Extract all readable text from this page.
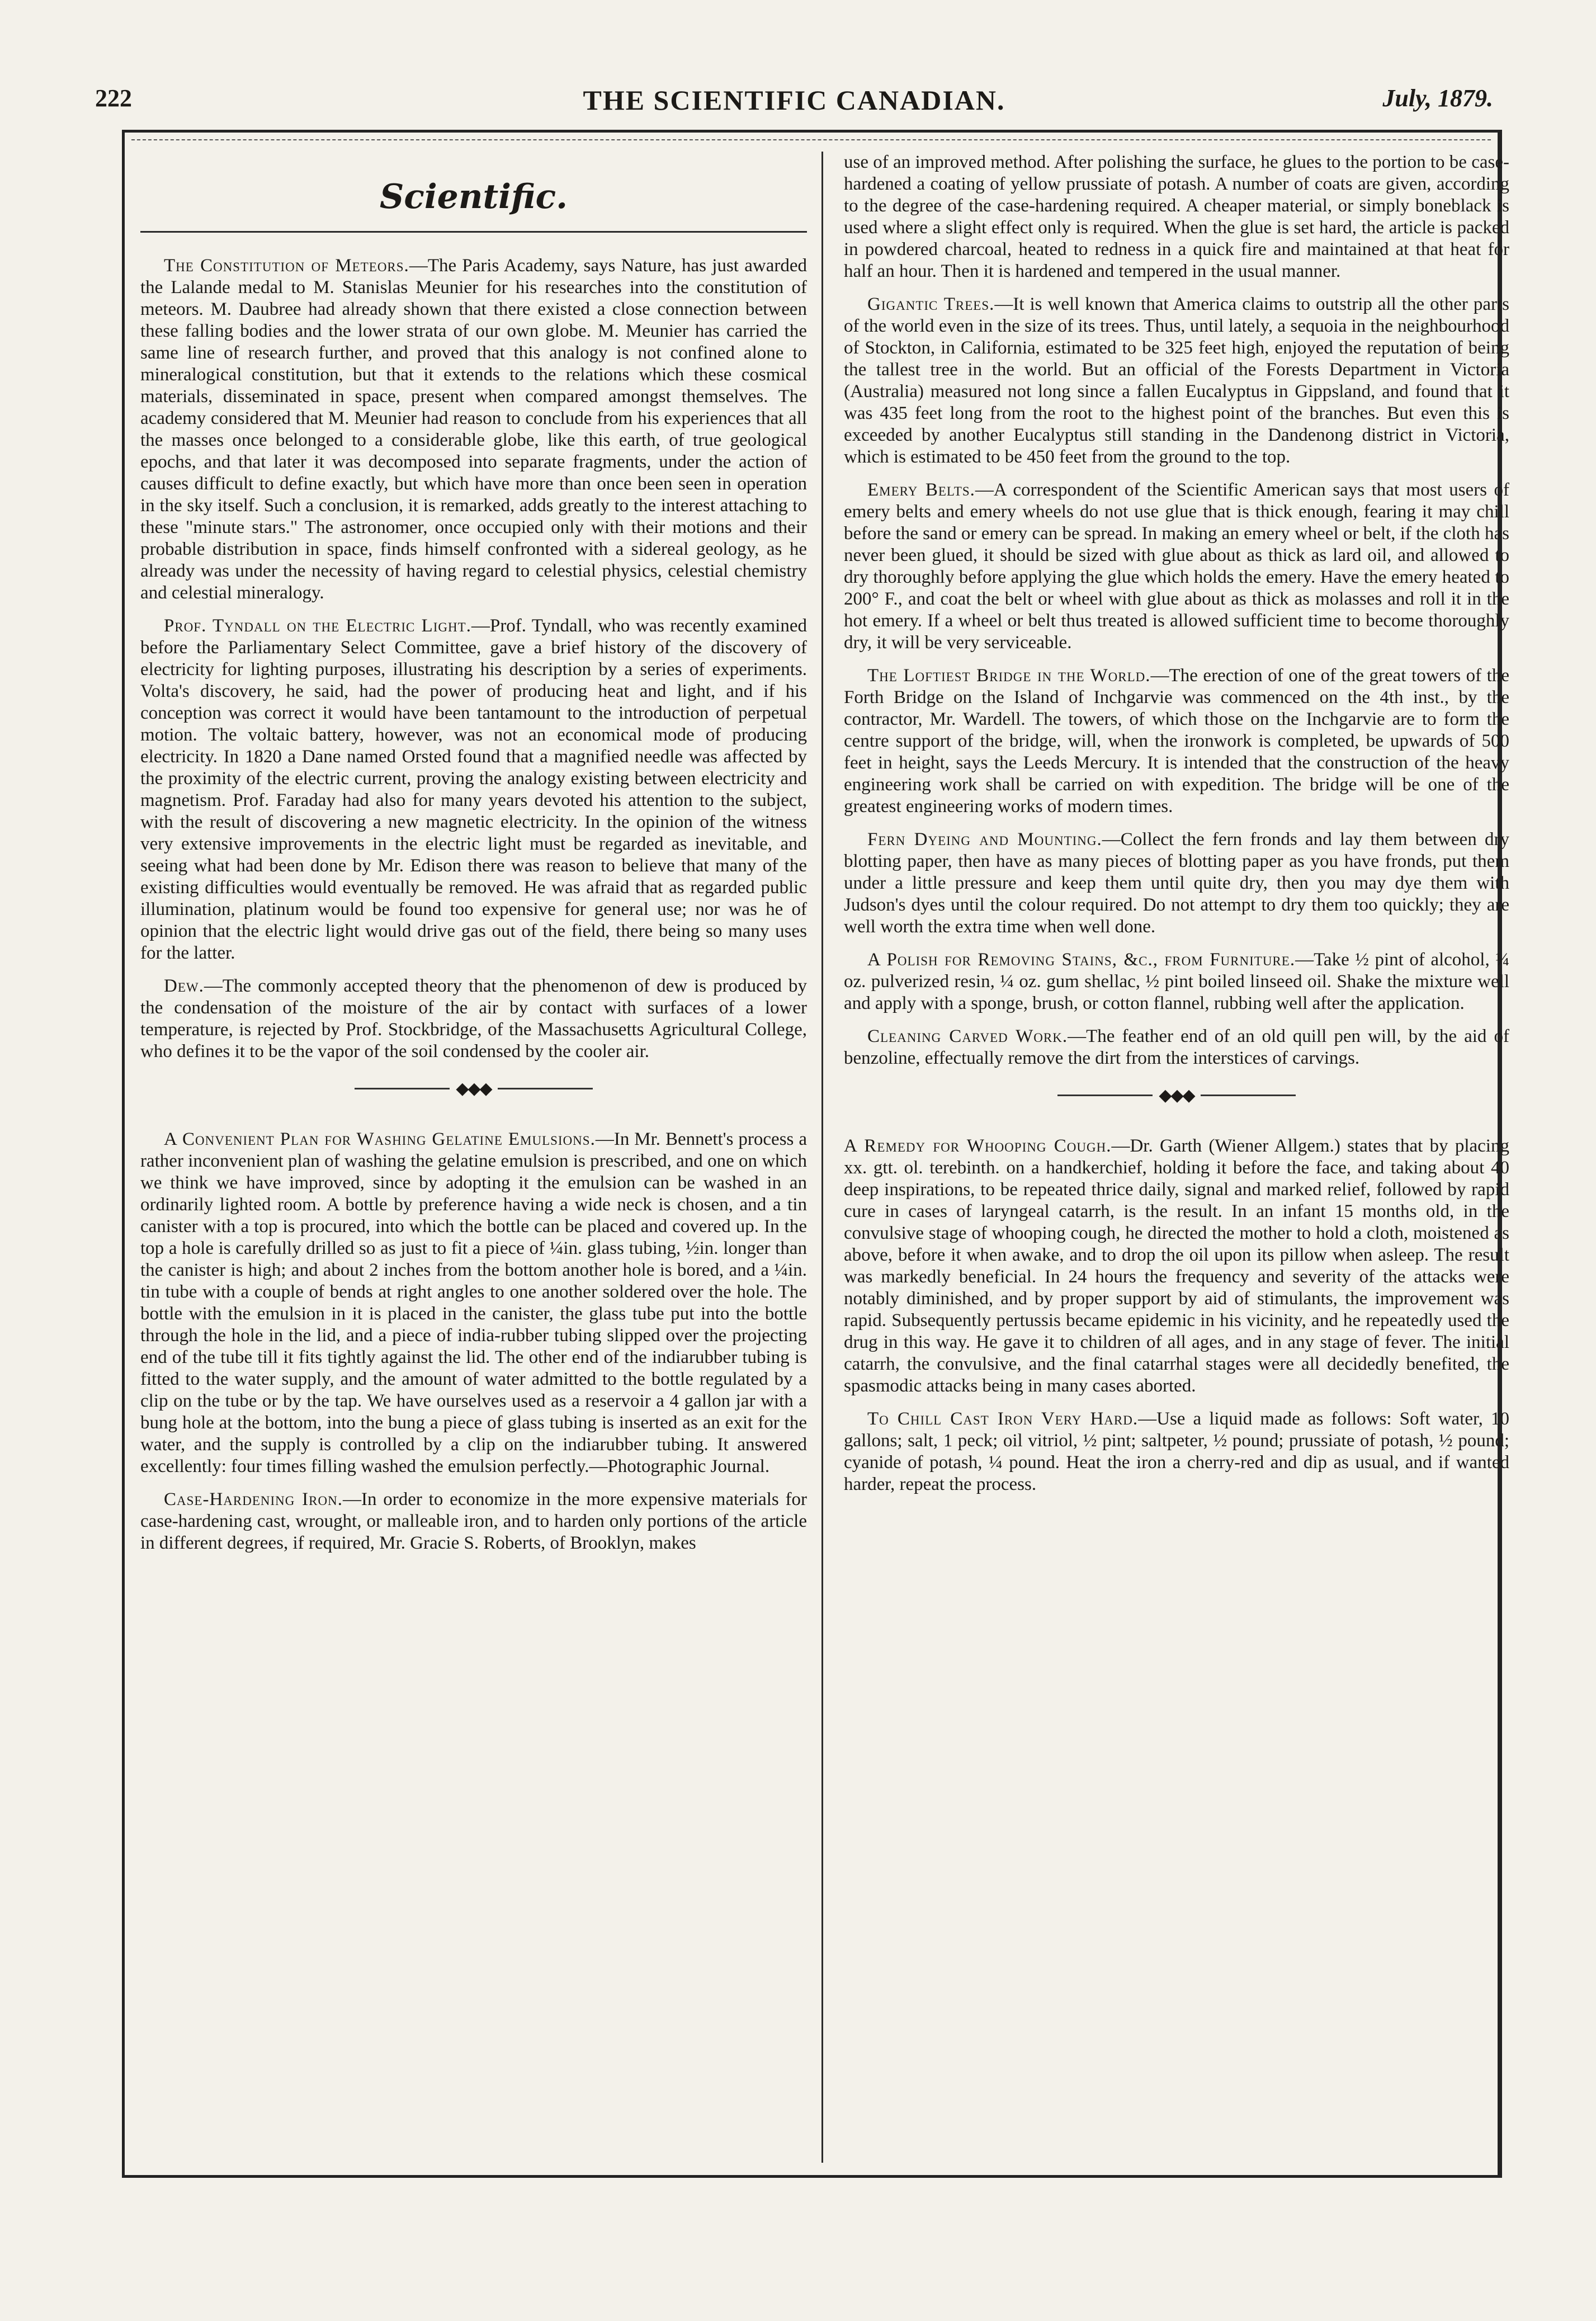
222	THE SCIENTIFIC CANADIAN.	July, 1879.
Scientific.

The Constitution of Meteors.—The Paris Academy, says Nature, has just awarded the Lalande medal to M. Stanislas Meunier for his researches into the constitution of meteors. M. Daubree had already shown that there existed a close connection between these falling bodies and the lower strata of our own globe. M. Meunier has carried the same line of research further, and proved that this analogy is not confined alone to mineralogical constitution, but that it extends to the relations which these cosmical materials, disseminated in space, present when compared amongst themselves. The academy considered that M. Meunier had reason to conclude from his experiences that all the masses once belonged to a considerable globe, like this earth, of true geological epochs, and that later it was decomposed into separate fragments, under the action of causes difficult to define exactly, but which have more than once been seen in operation in the sky itself. Such a conclusion, it is remarked, adds greatly to the interest attaching to these "minute stars." The astronomer, once occupied only with their motions and their probable distribution in space, finds himself confronted with a sidereal geology, as he already was under the necessity of having regard to celestial physics, celestial chemistry and celestial mineralogy.

Prof. Tyndall on the Electric Light.—Prof. Tyndall, who was recently examined before the Parliamentary Select Committee, gave a brief history of the discovery of electricity for lighting purposes, illustrating his description by a series of experiments. Volta's discovery, he said, had the power of producing heat and light, and if his conception was correct it would have been tantamount to the introduction of perpetual motion. The voltaic battery, however, was not an economical mode of producing electricity. In 1820 a Dane named Orsted found that a magnified needle was affected by the proximity of the electric current, proving the analogy existing between electricity and magnetism. Prof. Faraday had also for many years devoted his attention to the subject, with the result of discovering a new magnetic electricity. In the opinion of the witness very extensive improvements in the electric light must be regarded as inevitable, and seeing what had been done by Mr. Edison there was reason to believe that many of the existing difficulties would eventually be removed. He was afraid that as regarded public illumination, platinum would be found too expensive for general use; nor was he of opinion that the electric light would drive gas out of the field, there being so many uses for the latter.

Dew.—The commonly accepted theory that the phenomenon of dew is produced by the condensation of the moisture of the air by contact with surfaces of a lower temperature, is rejected by Prof. Stockbridge, of the Massachusetts Agricultural College, who defines it to be the vapor of the soil condensed by the cooler air.

◆◆◆

A Convenient Plan for Washing Gelatine Emulsions.—In Mr. Bennett's process a rather inconvenient plan of washing the gelatine emulsion is prescribed, and one on which we think we have improved, since by adopting it the emulsion can be washed in an ordinarily lighted room. A bottle by preference having a wide neck is chosen, and a tin canister with a top is procured, into which the bottle can be placed and covered up. In the top a hole is carefully drilled so as just to fit a piece of ¼in. glass tubing, ½in. longer than the canister is high; and about 2 inches from the bottom another hole is bored, and a ¼in. tin tube with a couple of bends at right angles to one another soldered over the hole. The bottle with the emulsion in it is placed in the canister, the glass tube put into the bottle through the hole in the lid, and a piece of india-rubber tubing slipped over the projecting end of the tube till it fits tightly against the lid. The other end of the indiarubber tubing is fitted to the water supply, and the amount of water admitted to the bottle regulated by a clip on the tube or by the tap. We have ourselves used as a reservoir a 4 gallon jar with a bung hole at the bottom, into the bung a piece of glass tubing is inserted as an exit for the water, and the supply is controlled by a clip on the indiarubber tubing. It answered excellently: four times filling washed the emulsion perfectly.—Photographic Journal.

Case-Hardening Iron.—In order to economize in the more expensive materials for case-hardening cast, wrought, or malleable iron, and to harden only portions of the article in different degrees, if required, Mr. Gracie S. Roberts, of Brooklyn, makes

use of an improved method. After polishing the surface, he glues to the portion to be case-hardened a coating of yellow prussiate of potash. A number of coats are given, according to the degree of the case-hardening required. A cheaper material, or simply boneblack is used where a slight effect only is required. When the glue is set hard, the article is packed in powdered charcoal, heated to redness in a quick fire and maintained at that heat for half an hour. Then it is hardened and tempered in the usual manner.

Gigantic Trees.—It is well known that America claims to outstrip all the other parts of the world even in the size of its trees. Thus, until lately, a sequoia in the neighbourhood of Stockton, in California, estimated to be 325 feet high, enjoyed the reputation of being the tallest tree in the world. But an official of the Forests Department in Victoria (Australia) measured not long since a fallen Eucalyptus in Gippsland, and found that it was 435 feet long from the root to the highest point of the branches. But even this is exceeded by another Eucalyptus still standing in the Dandenong district in Victoria, which is estimated to be 450 feet from the ground to the top.

Emery Belts.—A correspondent of the Scientific American says that most users of emery belts and emery wheels do not use glue that is thick enough, fearing it may chill before the sand or emery can be spread. In making an emery wheel or belt, if the cloth has never been glued, it should be sized with glue about as thick as lard oil, and allowed to dry thoroughly before applying the glue which holds the emery. Have the emery heated to 200° F., and coat the belt or wheel with glue about as thick as molasses and roll it in the hot emery. If a wheel or belt thus treated is allowed sufficient time to become thoroughly dry, it will be very serviceable.

The Loftiest Bridge in the World.—The erection of one of the great towers of the Forth Bridge on the Island of Inchgarvie was commenced on the 4th inst., by the contractor, Mr. Wardell. The towers, of which those on the Inchgarvie are to form the centre support of the bridge, will, when the ironwork is completed, be upwards of 500 feet in height, says the Leeds Mercury. It is intended that the construction of the heavy engineering work shall be carried on with expedition. The bridge will be one of the greatest engineering works of modern times.

Fern Dyeing and Mounting.—Collect the fern fronds and lay them between dry blotting paper, then have as many pieces of blotting paper as you have fronds, put them under a little pressure and keep them until quite dry, then you may dye them with Judson's dyes until the colour required. Do not attempt to dry them too quickly; they are well worth the extra time when well done.

A Polish for Removing Stains, &c., from Furniture.—Take ½ pint of alcohol, ¼ oz. pulverized resin, ¼ oz. gum shellac, ½ pint boiled linseed oil. Shake the mixture well and apply with a sponge, brush, or cotton flannel, rubbing well after the application.

Cleaning Carved Work.—The feather end of an old quill pen will, by the aid of benzoline, effectually remove the dirt from the interstices of carvings.

◆◆◆

A Remedy for Whooping Cough.—Dr. Garth (Wiener Allgem.) states that by placing xx. gtt. ol. terebinth. on a handkerchief, holding it before the face, and taking about 40 deep inspirations, to be repeated thrice daily, signal and marked relief, followed by rapid cure in cases of laryngeal catarrh, is the result. In an infant 15 months old, in the convulsive stage of whooping cough, he directed the mother to hold a cloth, moistened as above, before it when awake, and to drop the oil upon its pillow when asleep. The result was markedly beneficial. In 24 hours the frequency and severity of the attacks were notably diminished, and by proper support by aid of stimulants, the improvement was rapid. Subsequently pertussis became epidemic in his vicinity, and he repeatedly used the drug in this way. He gave it to children of all ages, and in any stage of fever. The initial catarrh, the convulsive, and the final catarrhal stages were all decidedly benefited, the spasmodic attacks being in many cases aborted.

To Chill Cast Iron Very Hard.—Use a liquid made as follows: Soft water, 10 gallons; salt, 1 peck; oil vitriol, ½ pint; saltpeter, ½ pound; prussiate of potash, ½ pound; cyanide of potash, ¼ pound. Heat the iron a cherry-red and dip as usual, and if wanted harder, repeat the process.
